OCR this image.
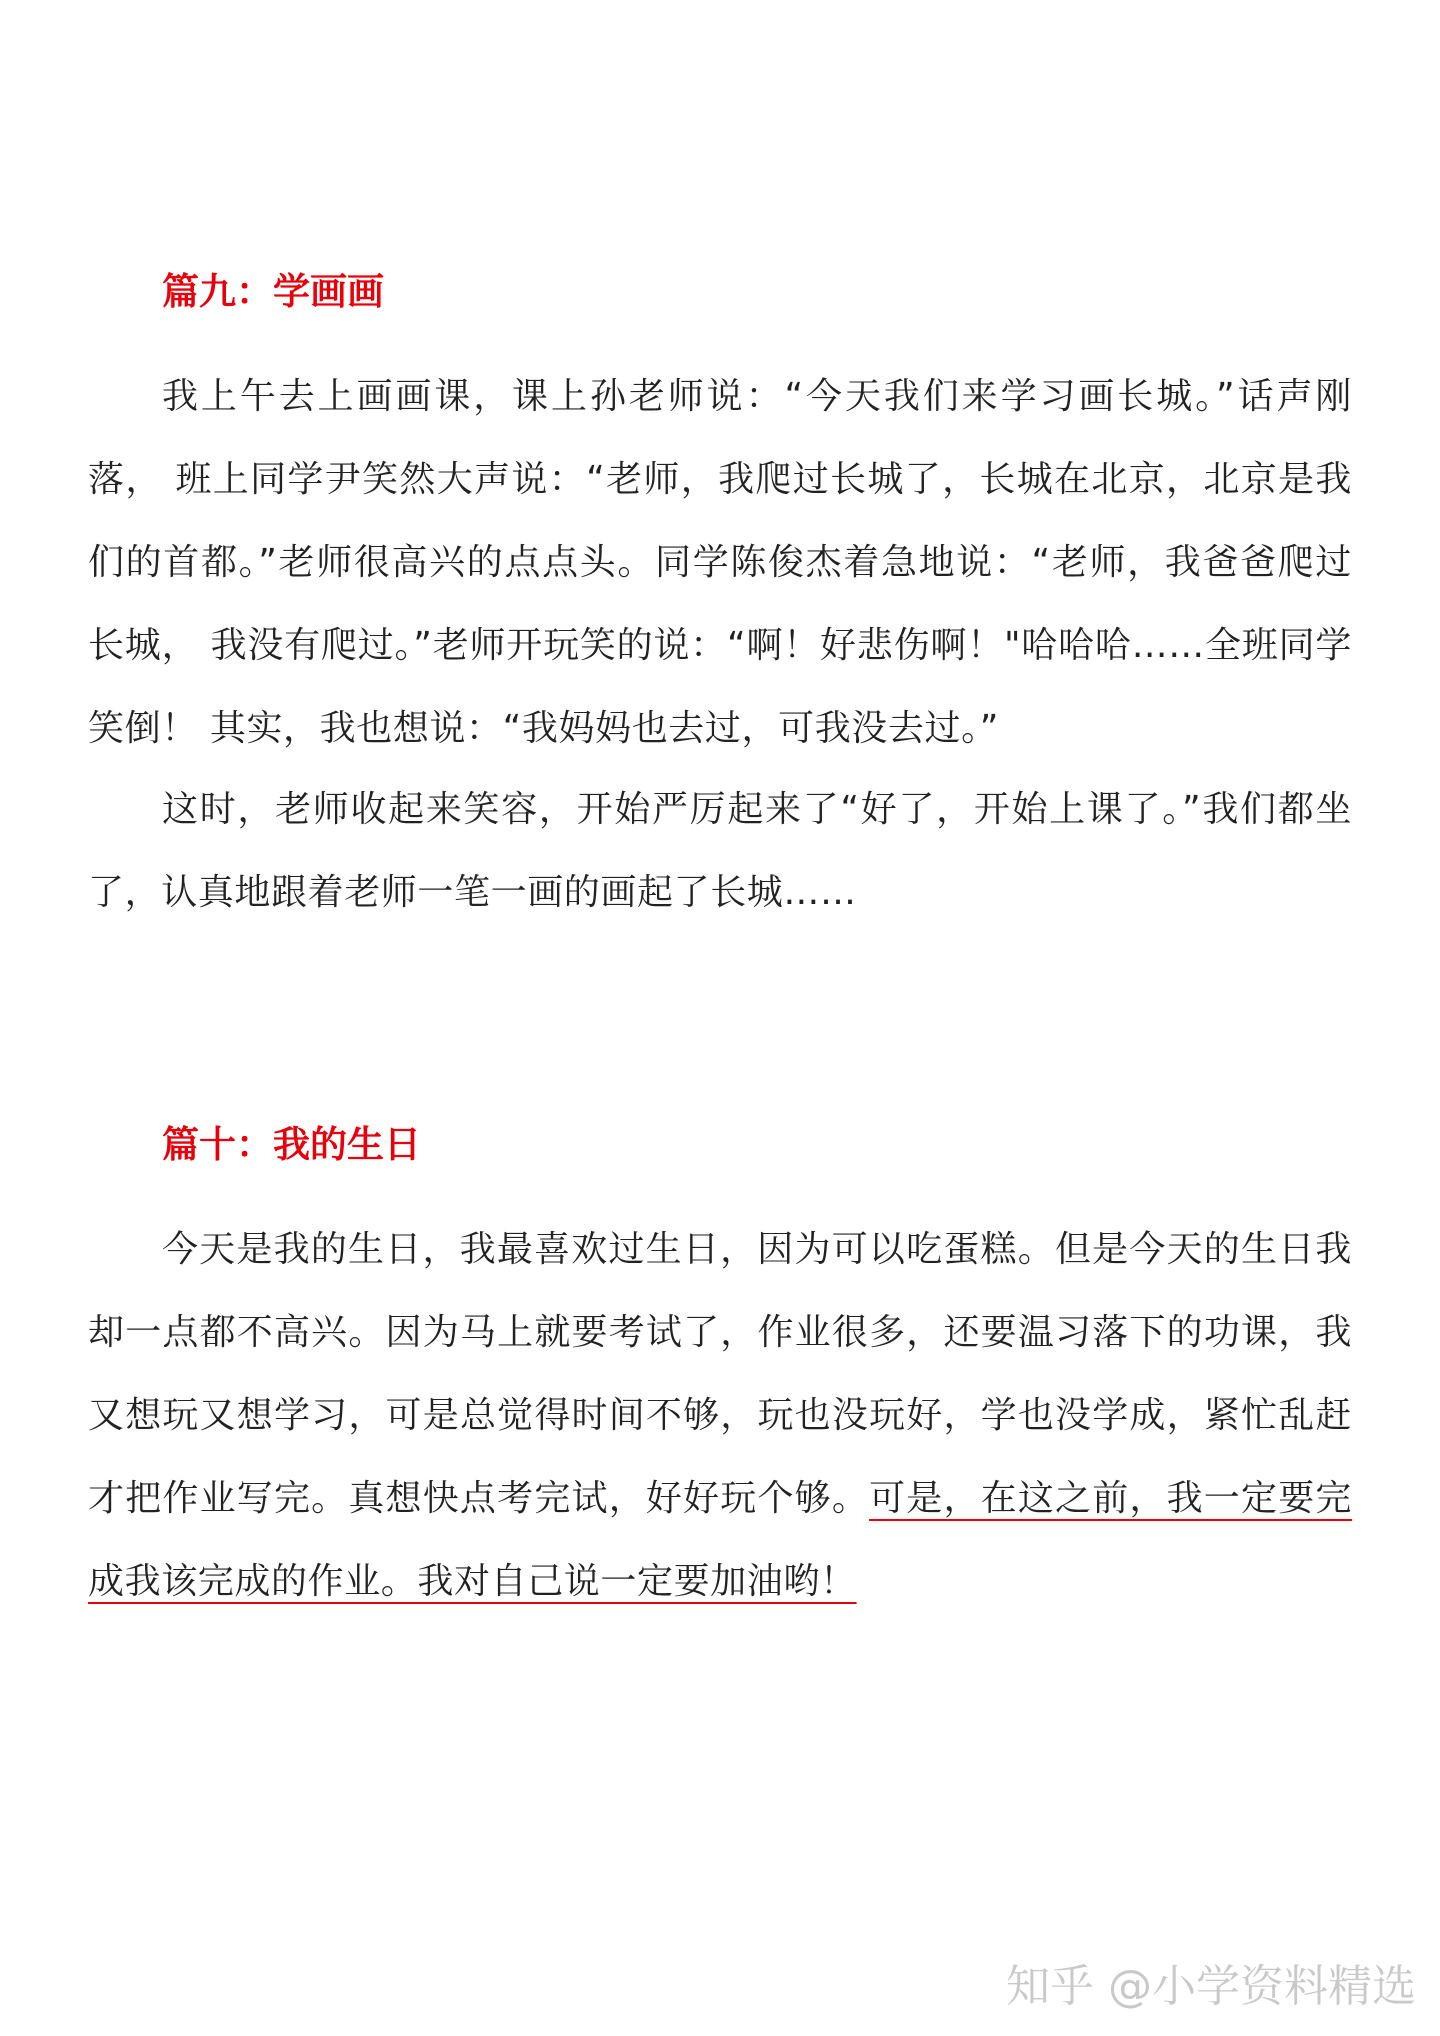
篇九：学画画

我上午去上画画课，课上孙老师说：“今天我们来学习画长城。”话声刚落， 班上同学尹笑然大声说：“老师，我爬过长城了，长城在北京，北京是我们的首都。”老师很高兴的点点头。同学陈俊杰着急地说：“老师，我爸爸爬过长城， 我没有爬过。”老师开玩笑的说：“啊！好悲伤啊！"哈哈哈……全班同学笑倒！ 其实，我也想说：“我妈妈也去过，可我没去过。”

这时，老师收起来笑容，开始严厉起来了“好了，开始上课了。”我们都坐了，认真地跟着老师一笔一画的画起了长城……

篇十：我的生日

今天是我的生日，我最喜欢过生日，因为可以吃蛋糕。但是今天的生日我却一点都不高兴。因为马上就要考试了，作业很多，还要温习落下的功课，我又想玩又想学习，可是总觉得时间不够，玩也没玩好，学也没学成，紧忙乱赶才把作业写完。真想快点考完试，好好玩个够。可是，在这之前，我一定要完成我该完成的作业。我对自己说一定要加油哟！

知乎 @小学资料精选
